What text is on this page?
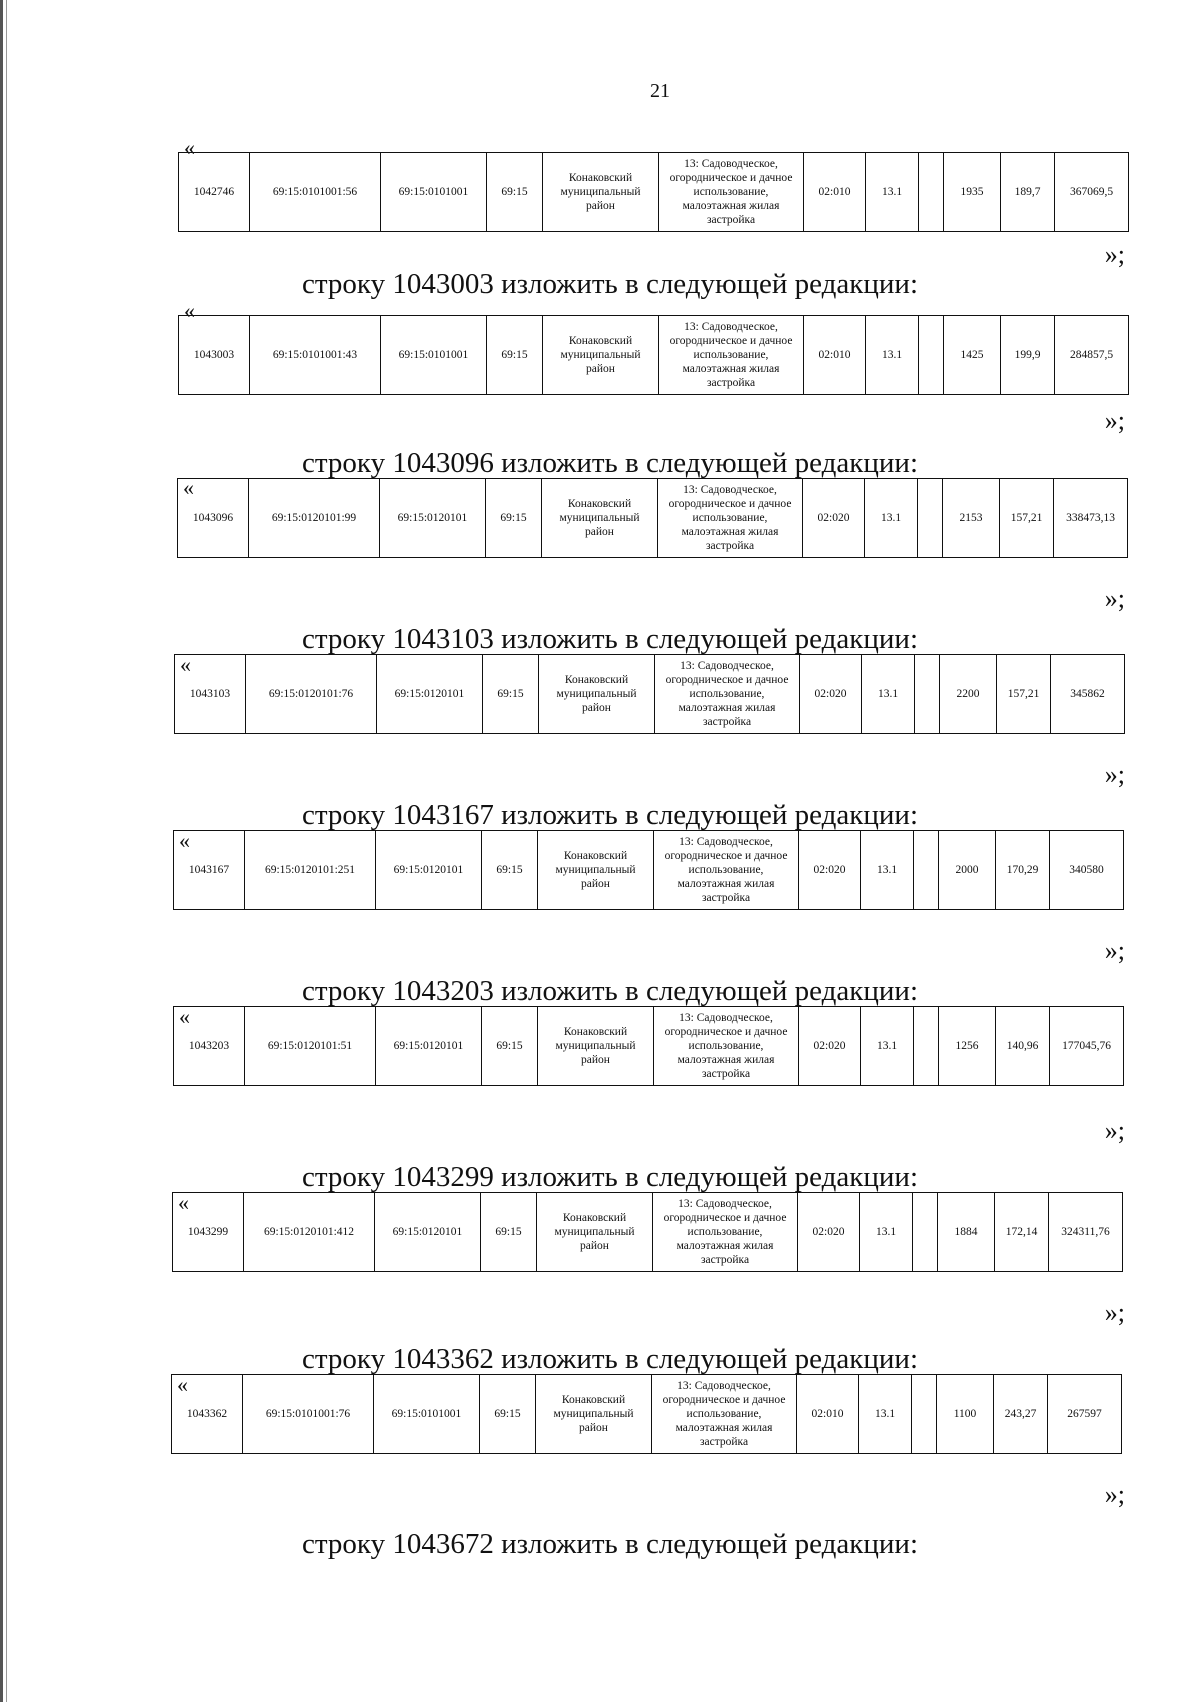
21
«
1042746	69:15:0101001:56	69:15:0101001	69:15	Конаковский муниципальный район	13: Садоводческое, огородническое и дачное использование, малоэтажная жилая застройка	02:010	13.1		1935	189,7	367069,5
»;
строку 1043003 изложить в следующей редакции:
«
1043003	69:15:0101001:43	69:15:0101001	69:15	Конаковский муниципальный район	13: Садоводческое, огородническое и дачное использование, малоэтажная жилая застройка	02:010	13.1		1425	199,9	284857,5
»;
строку 1043096 изложить в следующей редакции:
«
1043096	69:15:0120101:99	69:15:0120101	69:15	Конаковский муниципальный район	13: Садоводческое, огородническое и дачное использование, малоэтажная жилая застройка	02:020	13.1		2153	157,21	338473,13
»;
строку 1043103 изложить в следующей редакции:
«
1043103	69:15:0120101:76	69:15:0120101	69:15	Конаковский муниципальный район	13: Садоводческое, огородническое и дачное использование, малоэтажная жилая застройка	02:020	13.1		2200	157,21	345862
»;
строку 1043167 изложить в следующей редакции:
«
1043167	69:15:0120101:251	69:15:0120101	69:15	Конаковский муниципальный район	13: Садоводческое, огородническое и дачное использование, малоэтажная жилая застройка	02:020	13.1		2000	170,29	340580
»;
строку 1043203 изложить в следующей редакции:
«
1043203	69:15:0120101:51	69:15:0120101	69:15	Конаковский муниципальный район	13: Садоводческое, огородническое и дачное использование, малоэтажная жилая застройка	02:020	13.1		1256	140,96	177045,76
»;
строку 1043299 изложить в следующей редакции:
«
1043299	69:15:0120101:412	69:15:0120101	69:15	Конаковский муниципальный район	13: Садоводческое, огородническое и дачное использование, малоэтажная жилая застройка	02:020	13.1		1884	172,14	324311,76
»;
строку 1043362 изложить в следующей редакции:
«
1043362	69:15:0101001:76	69:15:0101001	69:15	Конаковский муниципальный район	13: Садоводческое, огородническое и дачное использование, малоэтажная жилая застройка	02:010	13.1		1100	243,27	267597
»;
строку 1043672 изложить в следующей редакции:
